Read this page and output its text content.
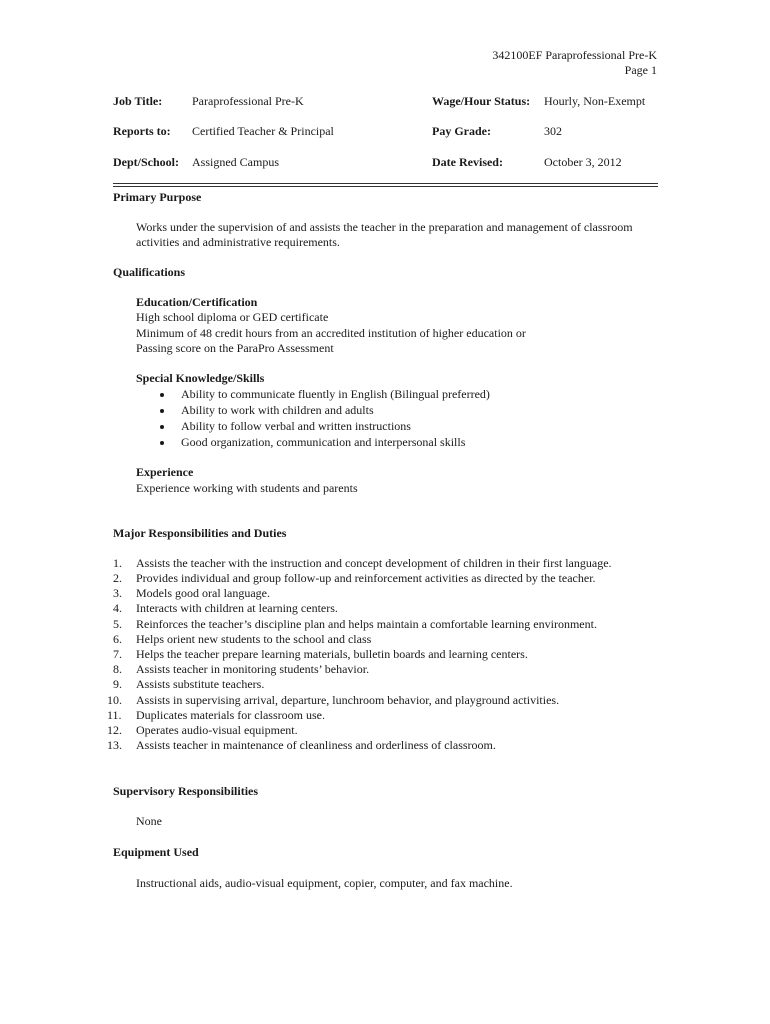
342100EF Paraprofessional Pre-K
Page 1
Job Title: Paraprofessional Pre-K	Wage/Hour Status: Hourly, Non-Exempt
Reports to: Certified Teacher & Principal	Pay Grade:	302
Dept/School: Assigned Campus	Date Revised:	October 3, 2012
Primary Purpose
Works under the supervision of and assists the teacher in the preparation and management of classroom
activities and administrative requirements.
Qualifications
Education/Certification
High school diploma or GED certificate
Minimum of 48 credit hours from an accredited institution of higher education or
Passing score on the ParaPro Assessment
Special Knowledge/Skills
Ability to communicate fluently in English (Bilingual preferred)
Ability to work with children and adults
Ability to follow verbal and written instructions
Good organization, communication and interpersonal skills
Experience
Experience working with students and parents
Major Responsibilities and Duties
1. Assists the teacher with the instruction and concept development of children in their first language.
2. Provides individual and group follow-up and reinforcement activities as directed by the teacher.
3. Models good oral language.
4. Interacts with children at learning centers.
5. Reinforces the teacher’s discipline plan and helps maintain a comfortable learning environment.
6. Helps orient new students to the school and class
7. Helps the teacher prepare learning materials, bulletin boards and learning centers.
8. Assists teacher in monitoring students’ behavior.
9. Assists substitute teachers.
10. Assists in supervising arrival, departure, lunchroom behavior, and playground activities.
11. Duplicates materials for classroom use.
12. Operates audio-visual equipment.
13. Assists teacher in maintenance of cleanliness and orderliness of classroom.
Supervisory Responsibilities
None
Equipment Used
Instructional aids, audio-visual equipment, copier, computer, and fax machine.
